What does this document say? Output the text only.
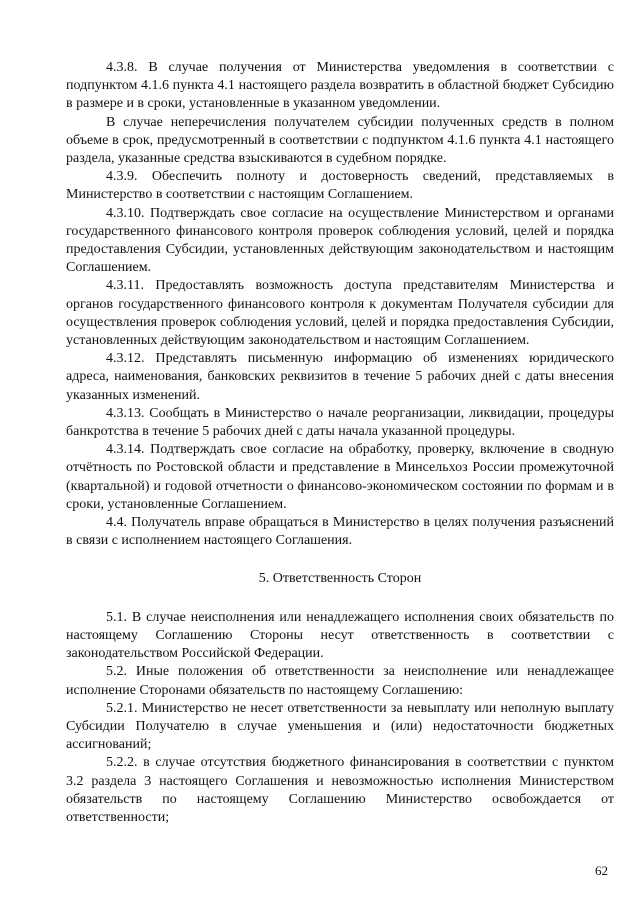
4.3.8. В случае получения от Министерства уведомления в соответствии с подпунктом 4.1.6 пункта 4.1 настоящего раздела возвратить в областной бюджет Субсидию в размере и в сроки, установленные в указанном уведомлении.

В случае неперечисления получателем субсидии полученных средств в полном объеме в срок, предусмотренный в соответствии с подпунктом 4.1.6 пункта 4.1 настоящего раздела, указанные средства взыскиваются в судебном порядке.

4.3.9. Обеспечить полноту и достоверность сведений, представляемых в Министерство в соответствии с настоящим Соглашением.

4.3.10. Подтверждать свое согласие на осуществление Министерством и органами государственного финансового контроля проверок соблюдения условий, целей и порядка предоставления Субсидии, установленных действующим законодательством и настоящим Соглашением.

4.3.11. Предоставлять возможность доступа представителям Министерства и органов государственного финансового контроля к документам Получателя субсидии для осуществления проверок соблюдения условий, целей и порядка предоставления Субсидии, установленных действующим законодательством и настоящим Соглашением.

4.3.12. Представлять письменную информацию об изменениях юридического адреса, наименования, банковских реквизитов в течение 5 рабочих дней с даты внесения указанных изменений.

4.3.13. Сообщать в Министерство о начале реорганизации, ликвидации, процедуры банкротства в течение 5 рабочих дней с даты начала указанной процедуры.

4.3.14. Подтверждать свое согласие на обработку, проверку, включение в сводную отчётность по Ростовской области и представление в Минсельхоз России промежуточной (квартальной) и годовой отчетности о финансово-экономическом состоянии по формам и в сроки, установленные Соглашением.

4.4. Получатель вправе обращаться в Министерство в целях получения разъяснений в связи с исполнением настоящего Соглашения.

5. Ответственность Сторон

5.1. В случае неисполнения или ненадлежащего исполнения своих обязательств по настоящему Соглашению Стороны несут ответственность в соответствии с законодательством Российской Федерации.

5.2. Иные положения об ответственности за неисполнение или ненадлежащее исполнение Сторонами обязательств по настоящему Соглашению:

5.2.1. Министерство не несет ответственности за невыплату или неполную выплату Субсидии Получателю в случае уменьшения и (или) недостаточности бюджетных ассигнований;

5.2.2. в случае отсутствия бюджетного финансирования в соответствии с пунктом 3.2 раздела 3 настоящего Соглашения и невозможностью исполнения Министерством обязательств по настоящему Соглашению Министерство освобождается от ответственности;

62
